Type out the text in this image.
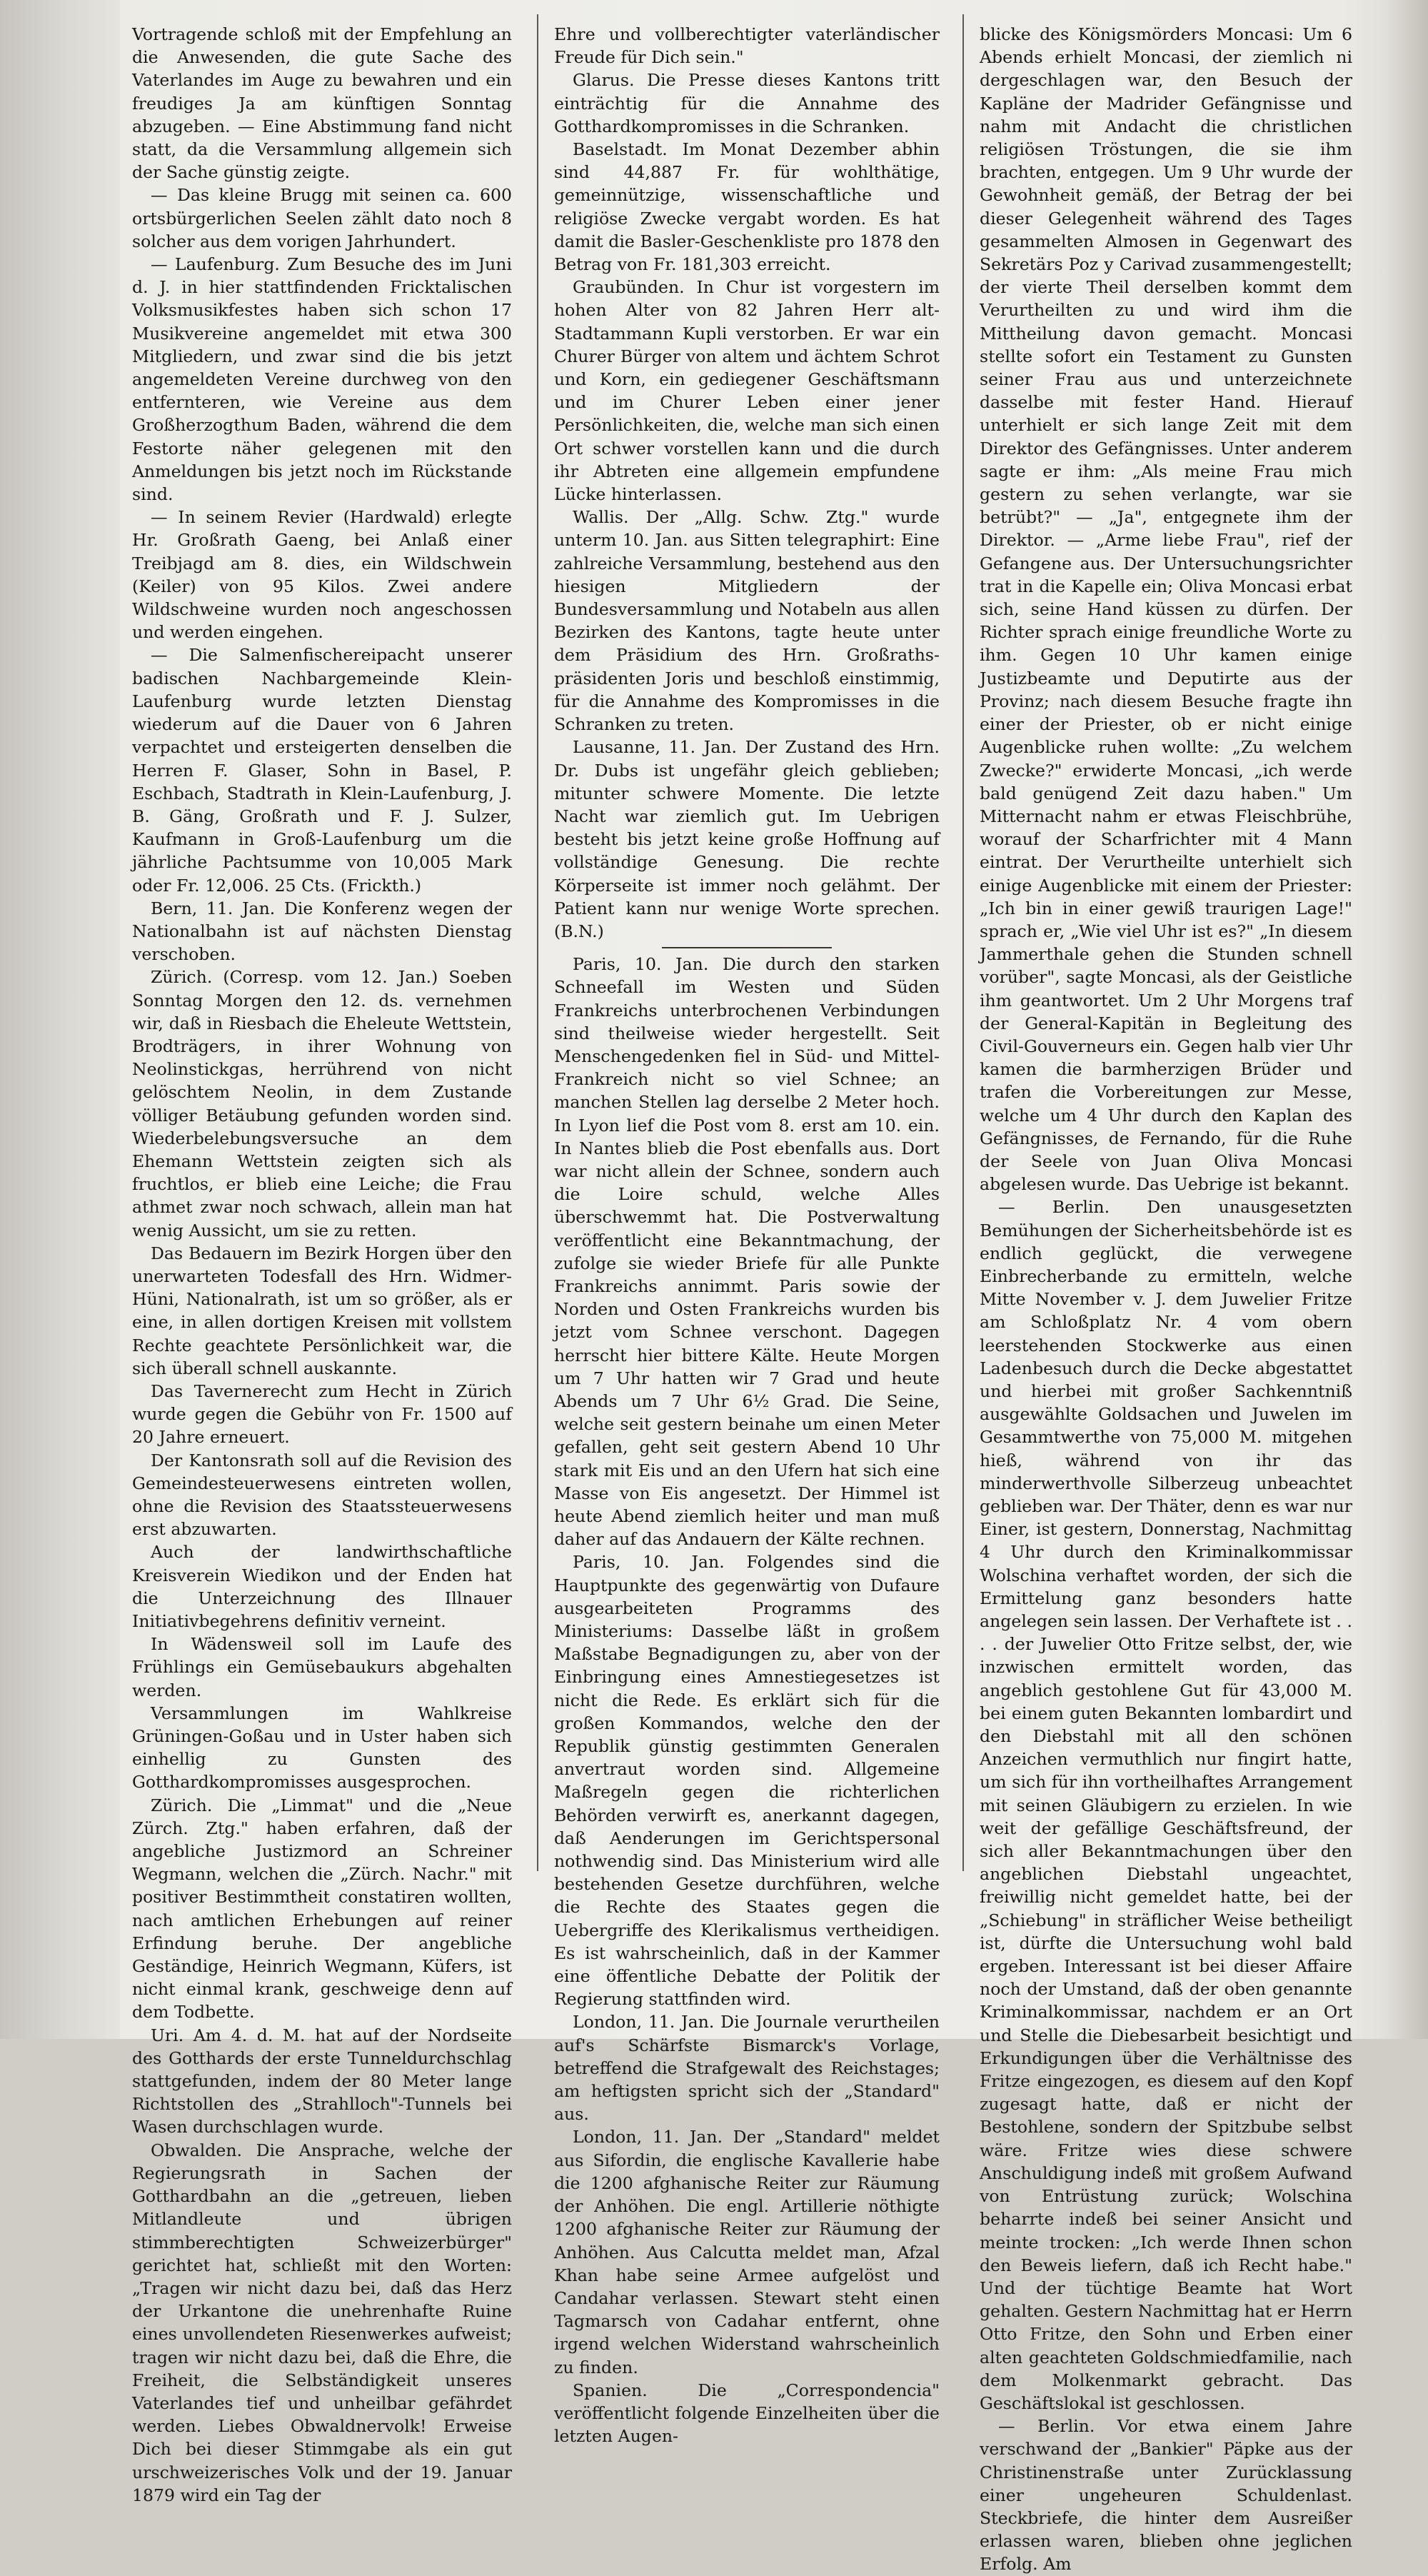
Vortragende schloß mit der Empfehlung an die Anwesenden, die gute Sache des Vaterlandes im Auge zu bewahren und ein freudiges Ja am künftigen Sonntag abzugeben. — Eine Abstimmung fand nicht statt, da die Versammlung allgemein sich der Sache günstig zeigte.

— Das kleine Brugg mit seinen ca. 600 ortsbürgerlichen Seelen zählt dato noch 8 solcher aus dem vorigen Jahrhundert.

— Laufenburg. Zum Besuche des im Juni d. J. in hier stattfindenden Fricktalischen Volksmusikfestes haben sich schon 17 Musikvereine angemeldet mit etwa 300 Mitgliedern, und zwar sind die bis jetzt angemeldeten Vereine durchweg von den entfernteren, wie Vereine aus dem Großherzogthum Baden, während die dem Festorte näher gelegenen mit den Anmeldungen bis jetzt noch im Rückstande sind.

— In seinem Revier (Hardwald) erlegte Hr. Großrath Gaeng, bei Anlaß einer Treibjagd am 8. dies, ein Wildschwein (Keiler) von 95 Kilos. Zwei andere Wildschweine wurden noch angeschossen und werden eingehen.

— Die Salmenfischereipacht unserer badischen Nachbargemeinde Klein-Laufenburg wurde letzten Dienstag wiederum auf die Dauer von 6 Jahren verpachtet und ersteigerten denselben die Herren F. Glaser, Sohn in Basel, P. Eschbach, Stadtrath in Klein-Laufenburg, J. B. Gäng, Großrath und F. J. Sulzer, Kaufmann in Groß-Laufenburg um die jährliche Pachtsumme von 10,005 Mark oder Fr. 12,006. 25 Cts. (Frickth.)

Bern, 11. Jan. Die Konferenz wegen der Nationalbahn ist auf nächsten Dienstag verschoben.

Zürich. (Corresp. vom 12. Jan.) Soeben Sonntag Morgen den 12. ds. vernehmen wir, daß in Riesbach die Eheleute Wettstein, Brodträgers, in ihrer Wohnung von Neolinstickgas, herrührend von nicht gelöschtem Neolin, in dem Zustande völliger Betäubung gefunden worden sind. Wiederbelebungsversuche an dem Ehemann Wettstein zeigten sich als fruchtlos, er blieb eine Leiche; die Frau athmet zwar noch schwach, allein man hat wenig Aussicht, um sie zu retten.

Das Bedauern im Bezirk Horgen über den unerwarteten Todesfall des Hrn. Widmer-Hüni, Nationalrath, ist um so größer, als er eine, in allen dortigen Kreisen mit vollstem Rechte geachtete Persönlichkeit war, die sich überall schnell auskannte.

Das Tavernerecht zum Hecht in Zürich wurde gegen die Gebühr von Fr. 1500 auf 20 Jahre erneuert.

Der Kantonsrath soll auf die Revision des Gemeindesteuerwesens eintreten wollen, ohne die Revision des Staatssteuerwesens erst abzuwarten.

Auch der landwirthschaftliche Kreisverein Wiedikon und der Enden hat die Unterzeichnung des Illnauer Initiativbegehrens definitiv verneint.

In Wädensweil soll im Laufe des Frühlings ein Gemüsebaukurs abgehalten werden.

Versammlungen im Wahlkreise Grüningen-Goßau und in Uster haben sich einhellig zu Gunsten des Gotthardkompromisses ausgesprochen.

Zürich. Die „Limmat" und die „Neue Zürch. Ztg." haben erfahren, daß der angebliche Justizmord an Schreiner Wegmann, welchen die „Zürch. Nachr." mit positiver Bestimmtheit constatiren wollten, nach amtlichen Erhebungen auf reiner Erfindung beruhe. Der angebliche Geständige, Heinrich Wegmann, Küfers, ist nicht einmal krank, geschweige denn auf dem Todbette.

Uri. Am 4. d. M. hat auf der Nordseite des Gotthards der erste Tunneldurchschlag stattgefunden, indem der 80 Meter lange Richtstollen des „Strahlloch"-Tunnels bei Wasen durchschlagen wurde.

Obwalden. Die Ansprache, welche der Regierungsrath in Sachen der Gotthardbahn an die „getreuen, lieben Mitlandleute und übrigen stimmberechtigten Schweizerbürger" gerichtet hat, schließt mit den Worten: „Tragen wir nicht dazu bei, daß das Herz der Urkantone die unehrenhafte Ruine eines unvollendeten Riesenwerkes aufweist; tragen wir nicht dazu bei, daß die Ehre, die Freiheit, die Selbständigkeit unseres Vaterlandes tief und unheilbar gefährdet werden. Liebes Obwaldnervolk! Erweise Dich bei dieser Stimmgabe als ein gut urschweizerisches Volk und der 19. Januar 1879 wird ein Tag der

Ehre und vollberechtigter vaterländischer Freude für Dich sein."

Glarus. Die Presse dieses Kantons tritt einträchtig für die Annahme des Gotthardkompromisses in die Schranken.

Baselstadt. Im Monat Dezember abhin sind 44,887 Fr. für wohlthätige, gemeinnützige, wissenschaftliche und religiöse Zwecke vergabt worden. Es hat damit die Basler-Geschenkliste pro 1878 den Betrag von Fr. 181,303 erreicht.

Graubünden. In Chur ist vorgestern im hohen Alter von 82 Jahren Herr alt-Stadtammann Kupli verstorben. Er war ein Churer Bürger von altem und ächtem Schrot und Korn, ein gediegener Geschäftsmann und im Churer Leben einer jener Persönlichkeiten, die, welche man sich einen Ort schwer vorstellen kann und die durch ihr Abtreten eine allgemein empfundene Lücke hinterlassen.

Wallis. Der „Allg. Schw. Ztg." wurde unterm 10. Jan. aus Sitten telegraphirt: Eine zahlreiche Versammlung, bestehend aus den hiesigen Mitgliedern der Bundesversammlung und Notabeln aus allen Bezirken des Kantons, tagte heute unter dem Präsidium des Hrn. Großraths-präsidenten Joris und beschloß einstimmig, für die Annahme des Kompromisses in die Schranken zu treten.

Lausanne, 11. Jan. Der Zustand des Hrn. Dr. Dubs ist ungefähr gleich geblieben; mitunter schwere Momente. Die letzte Nacht war ziemlich gut. Im Uebrigen besteht bis jetzt keine große Hoffnung auf vollständige Genesung. Die rechte Körperseite ist immer noch gelähmt. Der Patient kann nur wenige Worte sprechen. (B.N.)

Paris, 10. Jan. Die durch den starken Schneefall im Westen und Süden Frankreichs unterbrochenen Verbindungen sind theilweise wieder hergestellt. Seit Menschengedenken fiel in Süd- und Mittel-Frankreich nicht so viel Schnee; an manchen Stellen lag derselbe 2 Meter hoch. In Lyon lief die Post vom 8. erst am 10. ein. In Nantes blieb die Post ebenfalls aus. Dort war nicht allein der Schnee, sondern auch die Loire schuld, welche Alles überschwemmt hat. Die Postverwaltung veröffentlicht eine Bekanntmachung, der zufolge sie wieder Briefe für alle Punkte Frankreichs annimmt. Paris sowie der Norden und Osten Frankreichs wurden bis jetzt vom Schnee verschont. Dagegen herrscht hier bittere Kälte. Heute Morgen um 7 Uhr hatten wir 7 Grad und heute Abends um 7 Uhr 6½ Grad. Die Seine, welche seit gestern beinahe um einen Meter gefallen, geht seit gestern Abend 10 Uhr stark mit Eis und an den Ufern hat sich eine Masse von Eis angesetzt. Der Himmel ist heute Abend ziemlich heiter und man muß daher auf das Andauern der Kälte rechnen.

Paris, 10. Jan. Folgendes sind die Hauptpunkte des gegenwärtig von Dufaure ausgearbeiteten Programms des Ministeriums: Dasselbe läßt in großem Maßstabe Begnadigungen zu, aber von der Einbringung eines Amnestiegesetzes ist nicht die Rede. Es erklärt sich für die großen Kommandos, welche den der Republik günstig gestimmten Generalen anvertraut worden sind. Allgemeine Maßregeln gegen die richterlichen Behörden verwirft es, anerkannt dagegen, daß Aenderungen im Gerichtspersonal nothwendig sind. Das Ministerium wird alle bestehenden Gesetze durchführen, welche die Rechte des Staates gegen die Uebergriffe des Klerikalismus vertheidigen. Es ist wahrscheinlich, daß in der Kammer eine öffentliche Debatte der Politik der Regierung stattfinden wird.

London, 11. Jan. Die Journale verurtheilen auf's Schärfste Bismarck's Vorlage, betreffend die Strafgewalt des Reichstages; am heftigsten spricht sich der „Standard" aus.

London, 11. Jan. Der „Standard" meldet aus Sifordin, die englische Kavallerie habe die 1200 afghanische Reiter zur Räumung der Anhöhen. Die engl. Artillerie nöthigte 1200 afghanische Reiter zur Räumung der Anhöhen. Aus Calcutta meldet man, Afzal Khan habe seine Armee aufgelöst und Candahar verlassen. Stewart steht einen Tagmarsch von Cadahar entfernt, ohne irgend welchen Widerstand wahrscheinlich zu finden.

Spanien. Die „Correspondencia" veröffentlicht folgende Einzelheiten über die letzten Augen-

blicke des Königsmörders Moncasi: Um 6 Abends erhielt Moncasi, der ziemlich ni dergeschlagen war, den Besuch der Kapläne der Madrider Gefängnisse und nahm mit Andacht die christlichen religiösen Tröstungen, die sie ihm brachten, entgegen. Um 9 Uhr wurde der Gewohnheit gemäß, der Betrag der bei dieser Gelegenheit während des Tages gesammelten Almosen in Gegenwart des Sekretärs Poz y Carivad zusammengestellt; der vierte Theil derselben kommt dem Verurtheilten zu und wird ihm die Mittheilung davon gemacht. Moncasi stellte sofort ein Testament zu Gunsten seiner Frau aus und unterzeichnete dasselbe mit fester Hand. Hierauf unterhielt er sich lange Zeit mit dem Direktor des Gefängnisses. Unter anderem sagte er ihm: „Als meine Frau mich gestern zu sehen verlangte, war sie betrübt?" — „Ja", entgegnete ihm der Direktor. — „Arme liebe Frau", rief der Gefangene aus. Der Untersuchungsrichter trat in die Kapelle ein; Oliva Moncasi erbat sich, seine Hand küssen zu dürfen. Der Richter sprach einige freundliche Worte zu ihm. Gegen 10 Uhr kamen einige Justizbeamte und Deputirte aus der Provinz; nach diesem Besuche fragte ihn einer der Priester, ob er nicht einige Augenblicke ruhen wollte: „Zu welchem Zwecke?" erwiderte Moncasi, „ich werde bald genügend Zeit dazu haben." Um Mitternacht nahm er etwas Fleischbrühe, worauf der Scharfrichter mit 4 Mann eintrat. Der Verurtheilte unterhielt sich einige Augenblicke mit einem der Priester: „Ich bin in einer gewiß traurigen Lage!" sprach er, „Wie viel Uhr ist es?" „In diesem Jammerthale gehen die Stunden schnell vorüber", sagte Moncasi, als der Geistliche ihm geantwortet. Um 2 Uhr Morgens traf der General-Kapitän in Begleitung des Civil-Gouverneurs ein. Gegen halb vier Uhr kamen die barmherzigen Brüder und trafen die Vorbereitungen zur Messe, welche um 4 Uhr durch den Kaplan des Gefängnisses, de Fernando, für die Ruhe der Seele von Juan Oliva Moncasi abgelesen wurde. Das Uebrige ist bekannt.

— Berlin. Den unausgesetzten Bemühungen der Sicherheitsbehörde ist es endlich geglückt, die verwegene Einbrecherbande zu ermitteln, welche Mitte November v. J. dem Juwelier Fritze am Schloßplatz Nr. 4 vom obern leerstehenden Stockwerke aus einen Ladenbesuch durch die Decke abgestattet und hierbei mit großer Sachkenntniß ausgewählte Goldsachen und Juwelen im Gesammtwerthe von 75,000 M. mitgehen hieß, während von ihr das minderwerthvolle Silberzeug unbeachtet geblieben war. Der Thäter, denn es war nur Einer, ist gestern, Donnerstag, Nachmittag 4 Uhr durch den Kriminalkommissar Wolschina verhaftet worden, der sich die Ermittelung ganz besonders hatte angelegen sein lassen. Der Verhaftete ist . . . . der Juwelier Otto Fritze selbst, der, wie inzwischen ermittelt worden, das angeblich gestohlene Gut für 43,000 M. bei einem guten Bekannten lombardirt und den Diebstahl mit all den schönen Anzeichen vermuthlich nur fingirt hatte, um sich für ihn vortheilhaftes Arrangement mit seinen Gläubigern zu erzielen. In wie weit der gefällige Geschäftsfreund, der sich aller Bekanntmachungen über den angeblichen Diebstahl ungeachtet, freiwillig nicht gemeldet hatte, bei der „Schiebung" in sträflicher Weise betheiligt ist, dürfte die Untersuchung wohl bald ergeben. Interessant ist bei dieser Affaire noch der Umstand, daß der oben genannte Kriminalkommissar, nachdem er an Ort und Stelle die Diebesarbeit besichtigt und Erkundigungen über die Verhältnisse des Fritze eingezogen, es diesem auf den Kopf zugesagt hatte, daß er nicht der Bestohlene, sondern der Spitzbube selbst wäre. Fritze wies diese schwere Anschuldigung indeß mit großem Aufwand von Entrüstung zurück; Wolschina beharrte indeß bei seiner Ansicht und meinte trocken: „Ich werde Ihnen schon den Beweis liefern, daß ich Recht habe." Und der tüchtige Beamte hat Wort gehalten. Gestern Nachmittag hat er Herrn Otto Fritze, den Sohn und Erben einer alten geachteten Goldschmiedfamilie, nach dem Molkenmarkt gebracht. Das Geschäftslokal ist geschlossen.

— Berlin. Vor etwa einem Jahre verschwand der „Bankier" Päpke aus der Christinenstraße unter Zurücklassung einer ungeheuren Schuldenlast. Steckbriefe, die hinter dem Ausreißer erlassen waren, blieben ohne jeglichen Erfolg. Am
